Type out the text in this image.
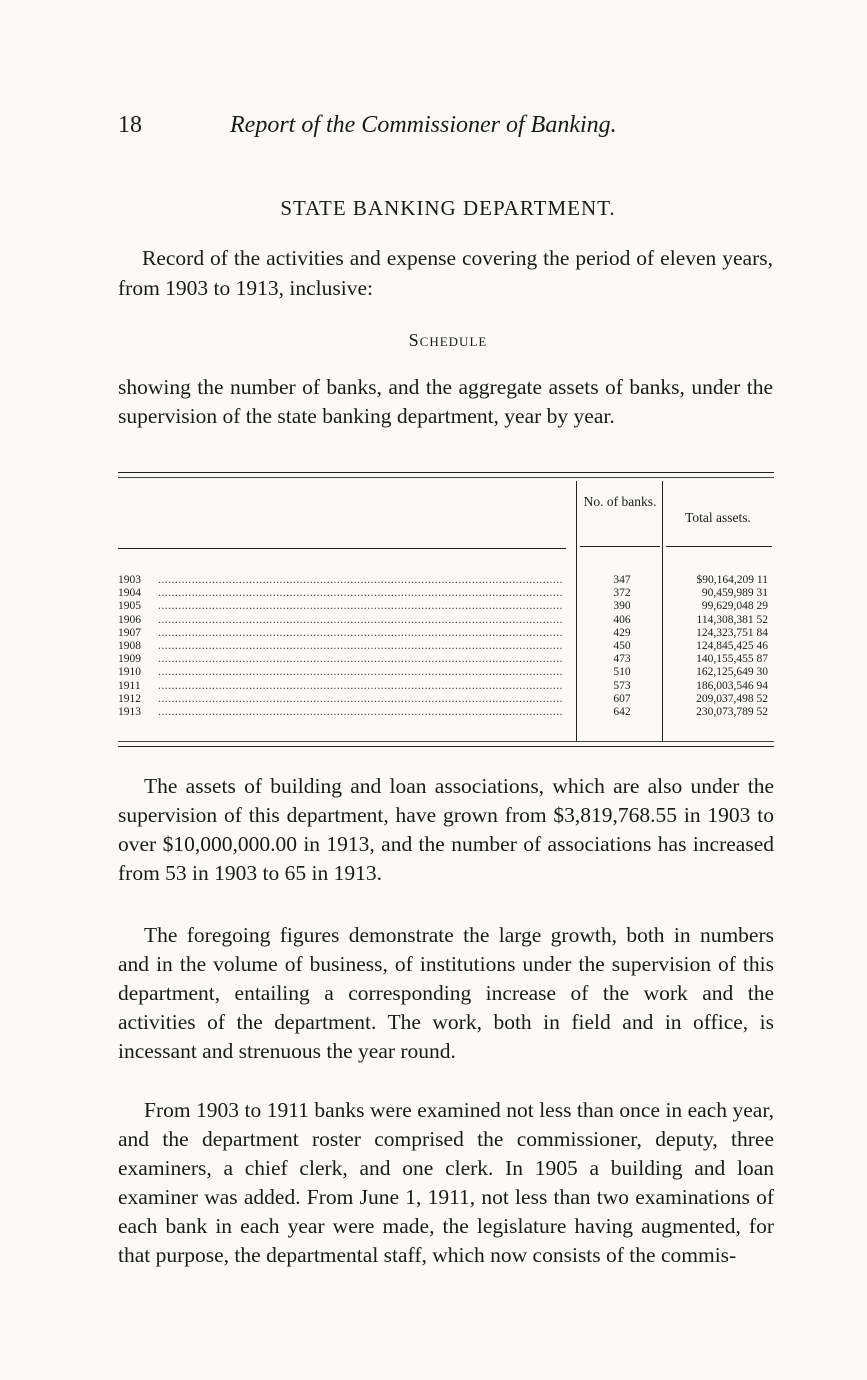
18	Report of the Commissioner of Banking.
STATE BANKING DEPARTMENT.

Record of the activities and expense covering the period of eleven years, from 1903 to 1913, inclusive:

Schedule

showing the number of banks, and the aggregate assets of banks, under the supervision of the state banking department, year by year.

No. of banks.
Total assets.
1903	........................................................................................................................	347	$90,164,209 11
1904	........................................................................................................................	372	90,459,989 31
1905	........................................................................................................................	390	99,629,048 29
1906	........................................................................................................................	406	114,308,381 52
1907	........................................................................................................................	429	124,323,751 84
1908	........................................................................................................................	450	124,845,425 46
1909	........................................................................................................................	473	140,155,455 87
1910	........................................................................................................................	510	162,125,649 30
1911	........................................................................................................................	573	186,003,546 94
1912	........................................................................................................................	607	209,037,498 52
1913	........................................................................................................................	642	230,073,789 52

The assets of building and loan associations, which are also under the supervision of this department, have grown from $3,819,768.55 in 1903 to over $10,000,000.00 in 1913, and the number of associations has increased from 53 in 1903 to 65 in 1913.

The foregoing figures demonstrate the large growth, both in numbers and in the volume of business, of institutions under the supervision of this department, entailing a corresponding increase of the work and the activities of the department. The work, both in field and in office, is incessant and strenuous the year round.

From 1903 to 1911 banks were examined not less than once in each year, and the department roster comprised the commissioner, deputy, three examiners, a chief clerk, and one clerk. In 1905 a building and loan examiner was added. From June 1, 1911, not less than two examinations of each bank in each year were made, the legislature having augmented, for that purpose, the departmental staff, which now consists of the commis-
